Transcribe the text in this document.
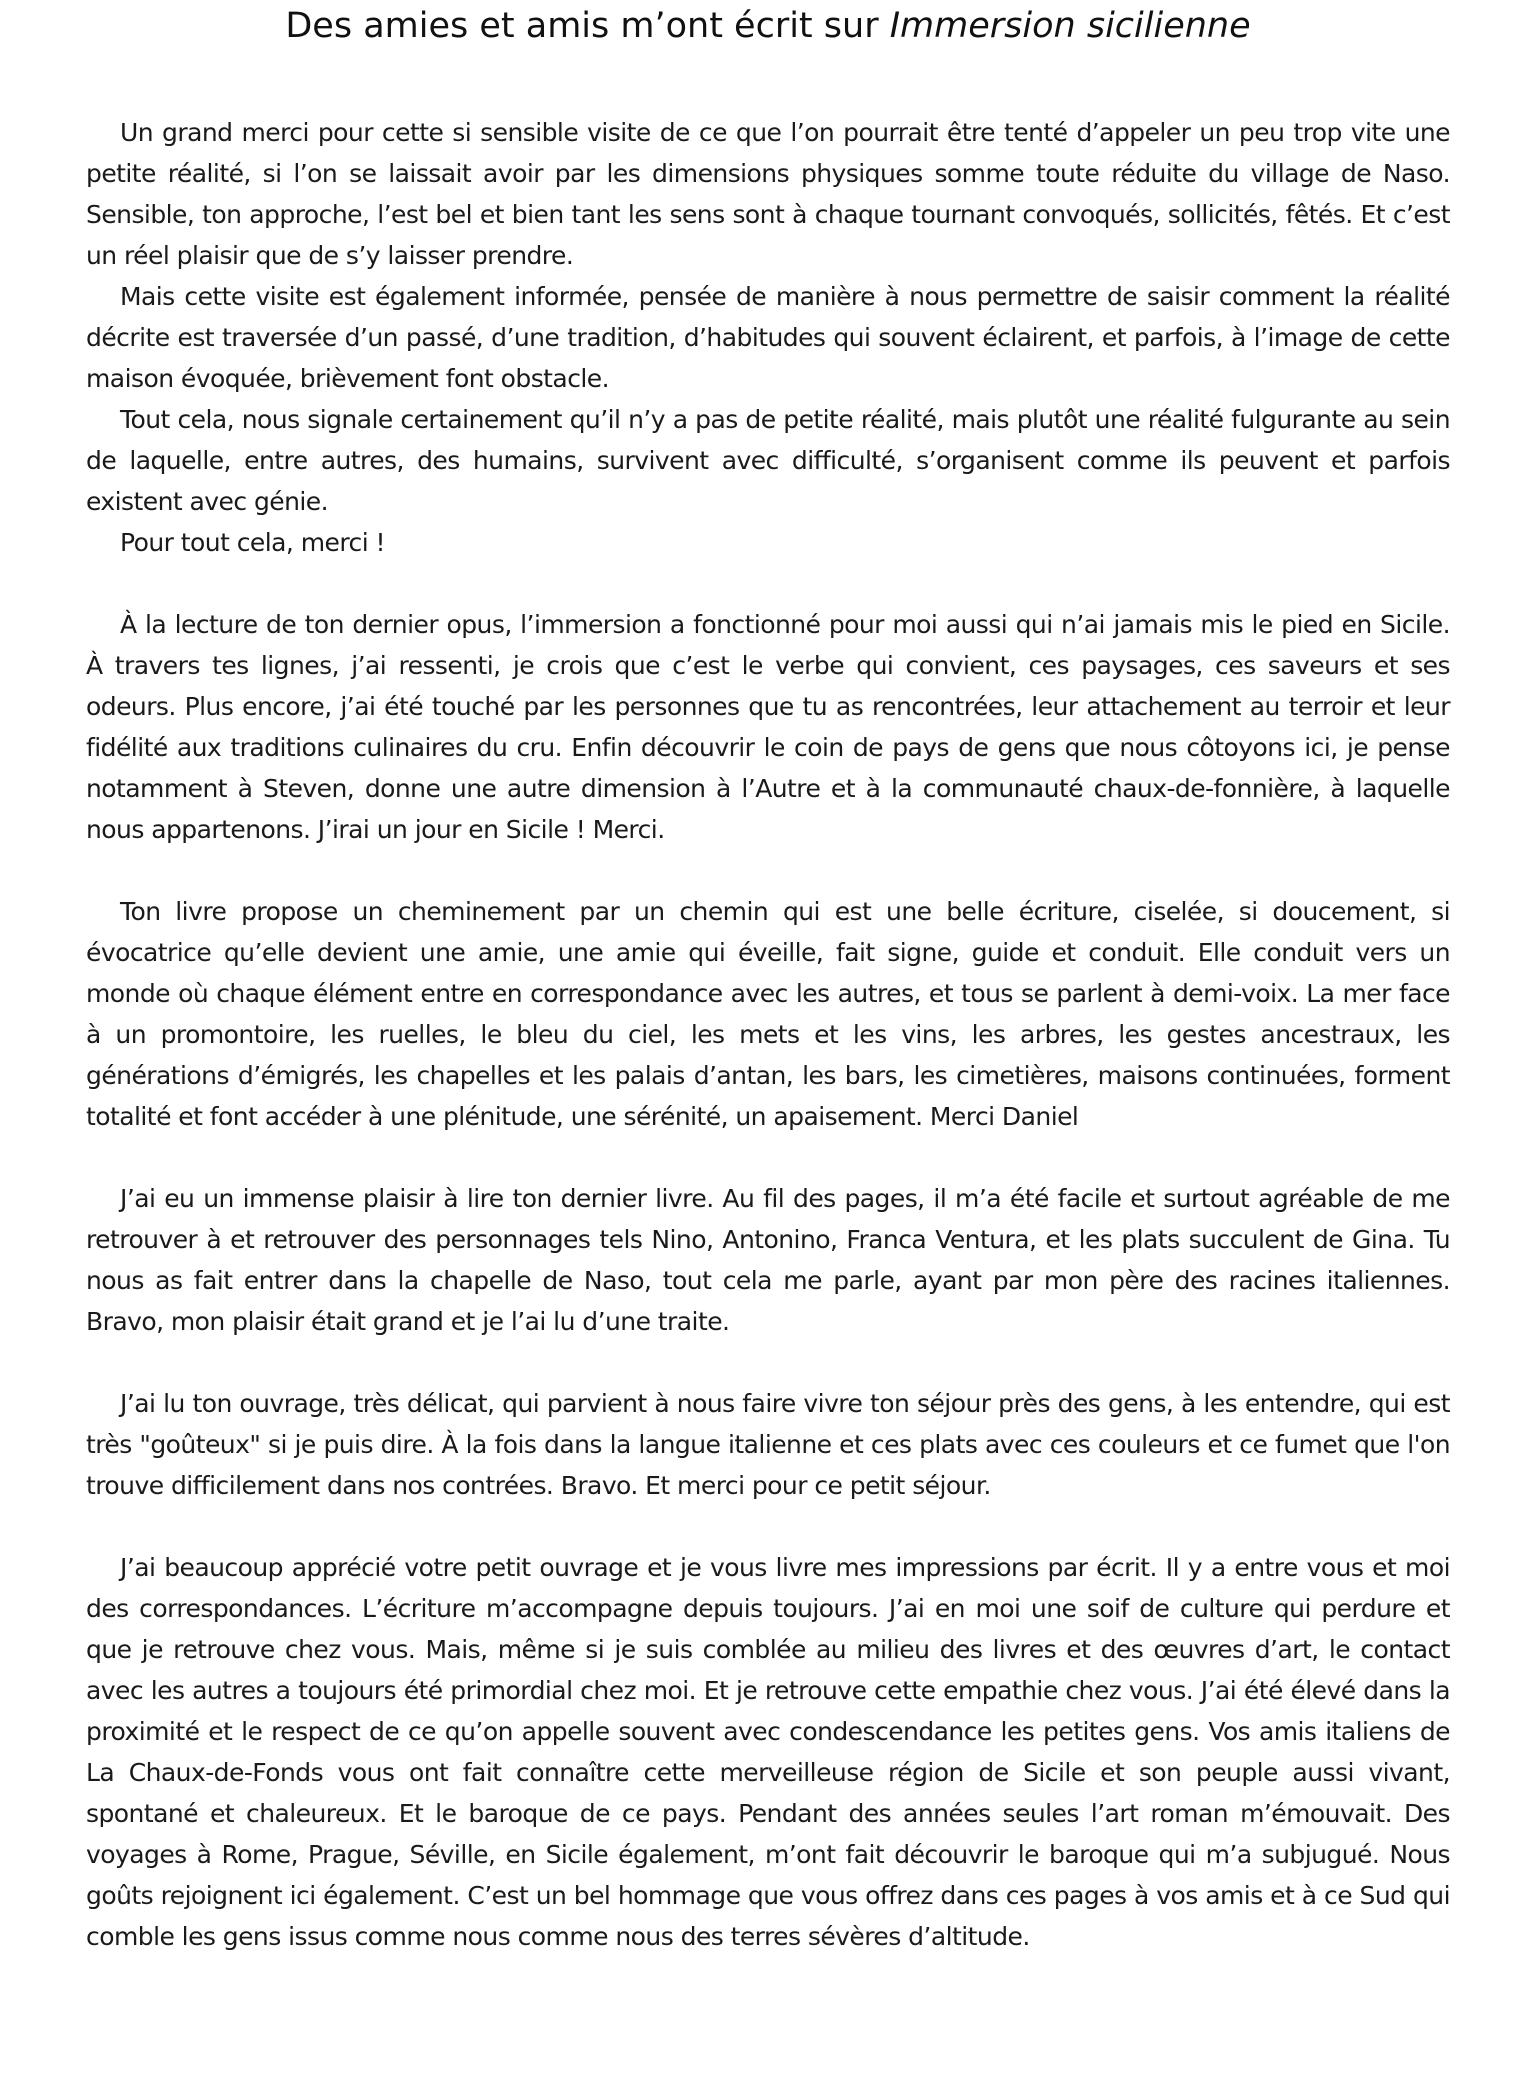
Des amies et amis m’ont écrit sur Immersion sicilienne

Un grand merci pour cette si sensible visite de ce que l’on pourrait être tenté d’appeler un peu trop vite une petite réalité, si l’on se laissait avoir par les dimensions physiques somme toute réduite du village de Naso. Sensible, ton approche, l’est bel et bien tant les sens sont à chaque tournant convoqués, sollicités, fêtés. Et c’est un réel plaisir que de s’y laisser prendre.

Mais cette visite est également informée, pensée de manière à nous permettre de saisir comment la réalité décrite est traversée d’un passé, d’une tradition, d’habitudes qui souvent éclairent, et parfois, à l’image de cette maison évoquée, brièvement font obstacle.

Tout cela, nous signale certainement qu’il n’y a pas de petite réalité, mais plutôt une réalité fulgurante au sein de laquelle, entre autres, des humains, survivent avec difficulté, s’organisent comme ils peuvent et parfois existent avec génie.

Pour tout cela, merci !

À la lecture de ton dernier opus, l’immersion a fonctionné pour moi aussi qui n’ai jamais mis le pied en Sicile. À travers tes lignes, j’ai ressenti, je crois que c’est le verbe qui convient, ces paysages, ces saveurs et ses odeurs. Plus encore, j’ai été touché par les personnes que tu as rencontrées, leur attachement au terroir et leur fidélité aux traditions culinaires du cru. Enfin découvrir le coin de pays de gens que nous côtoyons ici, je pense notamment à Steven, donne une autre dimension à l’Autre et à la communauté chaux-de-fonnière, à laquelle nous appartenons. J’irai un jour en Sicile ! Merci.

Ton livre propose un cheminement par un chemin qui est une belle écriture, ciselée, si doucement, si évocatrice qu’elle devient une amie, une amie qui éveille, fait signe, guide et conduit. Elle conduit vers un monde où chaque élément entre en correspondance avec les autres, et tous se parlent à demi-voix. La mer face à un promontoire, les ruelles, le bleu du ciel, les mets et les vins, les arbres, les gestes ancestraux, les générations d’émigrés, les chapelles et les palais d’antan, les bars, les cimetières, maisons continuées, forment totalité et font accéder à une plénitude, une sérénité, un apaisement. Merci Daniel

J’ai eu un immense plaisir à lire ton dernier livre. Au fil des pages, il m’a été facile et surtout agréable de me retrouver à et retrouver des personnages tels Nino, Antonino, Franca Ventura, et les plats succulent de Gina. Tu nous as fait entrer dans la chapelle de Naso, tout cela me parle, ayant par mon père des racines italiennes. Bravo, mon plaisir était grand et je l’ai lu d’une traite.

J’ai lu ton ouvrage, très délicat, qui parvient à nous faire vivre ton séjour près des gens, à les entendre, qui est très "goûteux" si je puis dire. À la fois dans la langue italienne et ces plats avec ces couleurs et ce fumet que l'on trouve difficilement dans nos contrées. Bravo. Et merci pour ce petit séjour.

J’ai beaucoup apprécié votre petit ouvrage et je vous livre mes impressions par écrit. Il y a entre vous et moi des correspondances. L’écriture m’accompagne depuis toujours. J’ai en moi une soif de culture qui perdure et que je retrouve chez vous. Mais, même si je suis comblée au milieu des livres et des œuvres d’art, le contact avec les autres a toujours été primordial chez moi. Et je retrouve cette empathie chez vous. J’ai été élevé dans la proximité et le respect de ce qu’on appelle souvent avec condescendance les petites gens. Vos amis italiens de La Chaux-de-Fonds vous ont fait connaître cette merveilleuse région de Sicile et son peuple aussi vivant, spontané et chaleureux. Et le baroque de ce pays. Pendant des années seules l’art roman m’émouvait. Des voyages à Rome, Prague, Séville, en Sicile également, m’ont fait découvrir le baroque qui m’a subjugué. Nous goûts rejoignent ici également. C’est un bel hommage que vous offrez dans ces pages à vos amis et à ce Sud qui comble les gens issus comme nous comme nous des terres sévères d’altitude.
